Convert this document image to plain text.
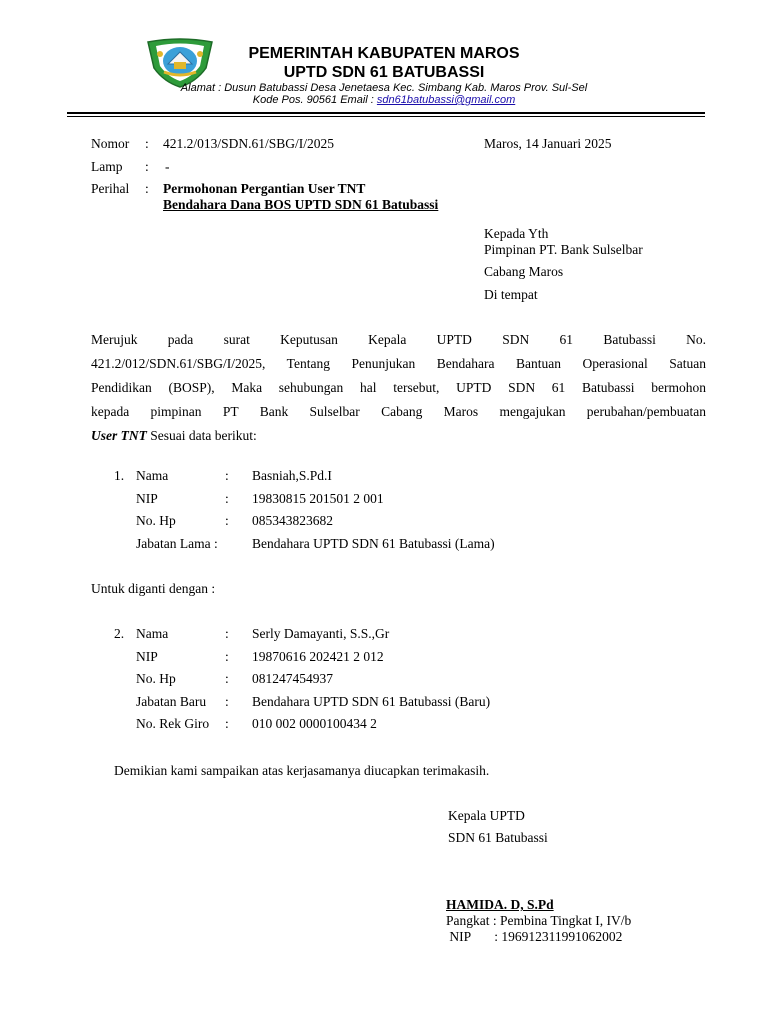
PEMERINTAH KABUPATEN MAROS
UPTD SDN 61 BATUBASSI
Alamat : Dusun Batubassi Desa Jenetaesa Kec. Simbang Kab. Maros Prov. Sul-Sel
Kode Pos. 90561 Email : sdn61batubassi@gmail.com
Nomor : 421.2/013/SDN.61/SBG/I/2025	Maros, 14 Januari 2025
Lamp : -
Perihal : Permohonan Pergantian User TNT
Bendahara Dana BOS UPTD SDN 61 Batubassi
Kepada Yth
Pimpinan PT. Bank Sulselbar
Cabang Maros
Di tempat
Merujuk pada surat Keputusan Kepala UPTD SDN 61 Batubassi No.
421.2/012/SDN.61/SBG/I/2025, Tentang Penunjukan Bendahara Bantuan Operasional Satuan
Pendidikan (BOSP), Maka sehubungan hal tersebut, UPTD SDN 61 Batubassi bermohon
kepada pimpinan PT Bank Sulselbar Cabang Maros mengajukan perubahan/pembuatan
User TNT Sesuai data berikut:
1. Nama	: Basniah,S.Pd.I
NIP	: 19830815 201501 2 001
No. Hp	: 085343823682
Jabatan Lama :	Bendahara UPTD SDN 61 Batubassi (Lama)
Untuk diganti dengan :
2. Nama	: Serly Damayanti, S.S.,Gr
NIP	: 19870616 202421 2 012
No. Hp	: 081247454937
Jabatan Baru : Bendahara UPTD SDN 61 Batubassi (Baru)
No. Rek Giro : 010 002 0000100434 2
Demikian kami sampaikan atas kerjasamanya diucapkan terimakasih.
Kepala UPTD
SDN 61 Batubassi
HAMIDA. D, S.Pd
Pangkat : Pembina Tingkat I, IV/b
NIP       : 196912311991062002
